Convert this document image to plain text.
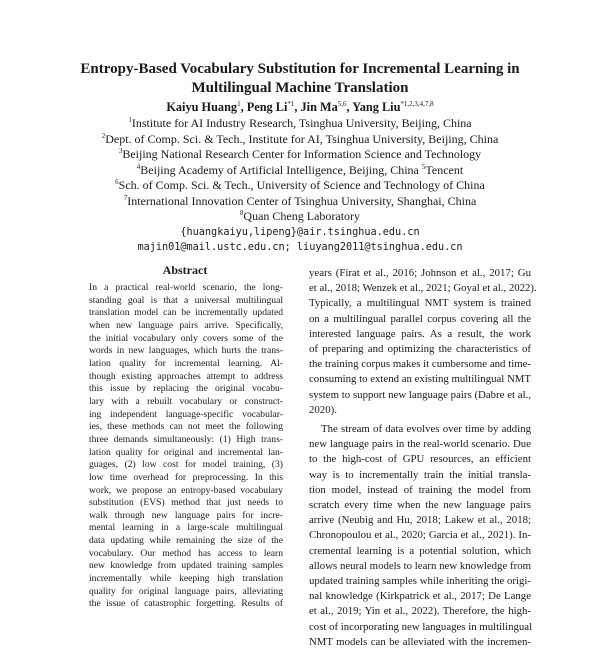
Entropy-Based Vocabulary Substitution for Incremental Learning in
Multilingual Machine Translation
Kaiyu Huang$^1$, Peng Li$^{*1}$, Jin Ma$^{5,6}$, Yang Liu$^{*1,2,3,4,7,8}$
$^1$Institute for AI Industry Research, Tsinghua University, Beijing, China
$^2$Dept. of Comp. Sci. & Tech., Institute for AI, Tsinghua University, Beijing, China
$^3$Beijing National Research Center for Information Science and Technology
$^4$Beijing Academy of Artificial Intelligence, Beijing, China $^5$Tencent
$^6$Sch. of Comp. Sci. & Tech., University of Science and Technology of China
$^7$International Innovation Center of Tsinghua University, Shanghai, China
$^8$Quan Cheng Laboratory
{huangkaiyu,lipeng}@air.tsinghua.edu.cn
majin01@mail.ustc.edu.cn; liuyang2011@tsinghua.edu.cn
Abstract
In a practical real-world scenario, the long-
standing goal is that a universal multilingual
translation model can be incrementally updated
when new language pairs arrive. Specifically,
the initial vocabulary only covers some of the
words in new languages, which hurts the trans-
lation quality for incremental learning. Al-
though existing approaches attempt to address
this issue by replacing the original vocabu-
lary with a rebuilt vocabulary or construct-
ing independent language-specific vocabular-
ies, these methods can not meet the following
three demands simultaneously: (1) High trans-
lation quality for original and incremental lan-
guages, (2) low cost for model training, (3)
low time overhead for preprocessing. In this
work, we propose an entropy-based vocabulary
substitution (EVS) method that just needs to
walk through new language pairs for incre-
mental learning in a large-scale multilingual
data updating while remaining the size of the
vocabulary. Our method has access to learn
new knowledge from updated training samples
incrementally while keeping high translation
quality for original language pairs, alleviating
the issue of catastrophic forgetting. Results of
years (Firat et al., 2016; Johnson et al., 2017; Gu
et al., 2018; Wenzek et al., 2021; Goyal et al., 2022).
Typically, a multilingual NMT system is trained
on a multilingual parallel corpus covering all the
interested language pairs. As a result, the work
of preparing and optimizing the characteristics of
the training corpus makes it cumbersome and time-
consuming to extend an existing multilingual NMT
system to support new language pairs (Dabre et al.,
2020).
The stream of data evolves over time by adding
new language pairs in the real-world scenario. Due
to the high-cost of GPU resources, an efficient
way is to incrementally train the initial transla-
tion model, instead of training the model from
scratch every time when the new language pairs
arrive (Neubig and Hu, 2018; Lakew et al., 2018;
Chronopoulou et al., 2020; Garcia et al., 2021). In-
cremental learning is a potential solution, which
allows neural models to learn new knowledge from
updated training samples while inheriting the origi-
nal knowledge (Kirkpatrick et al., 2017; De Lange
et al., 2019; Yin et al., 2022). Therefore, the high-
cost of incorporating new languages in multilingual
NMT models can be alleviated with the incremen-
